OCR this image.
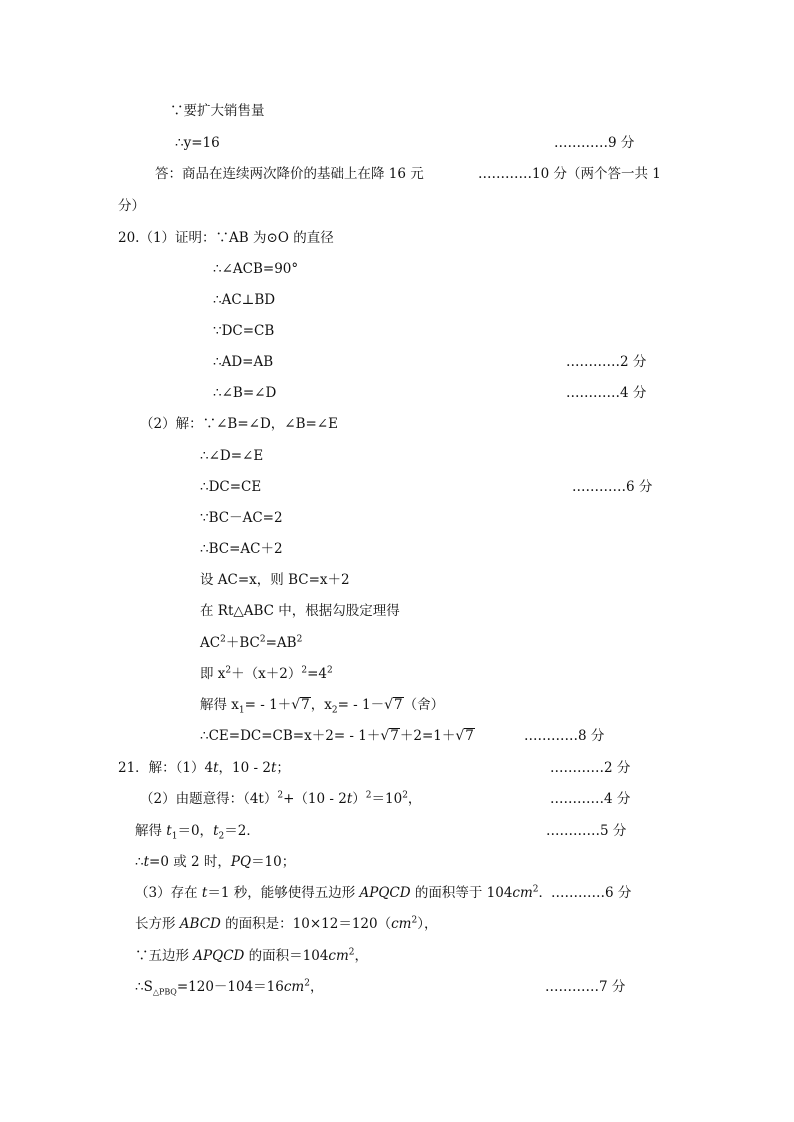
∵要扩大销售量
∴y=16	…………9 分
答：商品在连续两次降价的基础上在降 16 元	…………10 分（两个答一共 1
分）
20.（1）证明：∵AB 为⊙O 的直径
∴∠ACB=90°
∴AC⊥BD
∵DC=CB
∴AD=AB	…………2 分
∴∠B=∠D	…………4 分
（2）解：∵∠B=∠D，∠B=∠E
∴∠D=∠E
∴DC=CE	…………6 分
∵BC－AC=2
∴BC=AC＋2
设 AC=x，则 BC=x＋2
在 Rt△ABC 中，根据勾股定理得
$AC^2+BC^2=AB^2$
即 $x^2+(x+2)^2=4^2$
解得 $x_1= - 1+√7$，$x_2= - 1-√7$（舍）
∴CE=DC=CB=x＋2= - 1＋√7＋2=1＋√7	…………8 分
21．解：（1）4t，10 - 2t；	…………2 分
（2）由题意得：$(4t)^2+(10 - 2t)^2=10^2$，	…………4 分
解得 $t_1=0$，$t_2=2$．	…………5 分
∴t=0 或 2 时，PQ＝10；
（3）存在 t＝1 秒，能够使得五边形 APQCD 的面积等于 $104cm^2$．
…………6 分
长方形 ABCD 的面积是：$10\times 12=120(cm^2)$，
∵五边形 APQCD 的面积$=104cm^2$，
$\therefore S_{\triangle PBQ}=120-104=16cm^2$，	…………7 分
